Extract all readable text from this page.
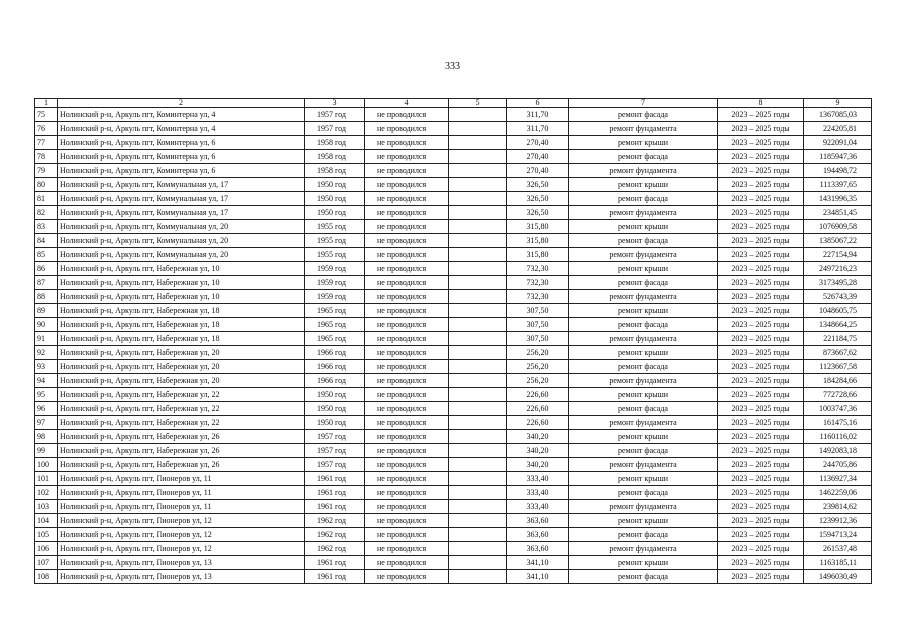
333
1	2	3	4	5	6	7	8	9
75	Нолинский р-н, Аркуль пгт, Коминтерна ул, 4	1957 год	не проводился		311,70	ремонт фасада	2023 – 2025 годы	1367085,03
76	Нолинский р-н, Аркуль пгт, Коминтерна ул, 4	1957 год	не проводился		311,70	ремонт фундамента	2023 – 2025 годы	224205,81
77	Нолинский р-н, Аркуль пгт, Коминтерна ул, 6	1958 год	не проводился		270,40	ремонт крыши	2023 – 2025 годы	922091,04
78	Нолинский р-н, Аркуль пгт, Коминтерна ул, 6	1958 год	не проводился		270,40	ремонт фасада	2023 – 2025 годы	1185947,36
79	Нолинский р-н, Аркуль пгт, Коминтерна ул, 6	1958 год	не проводился		270,40	ремонт фундамента	2023 – 2025 годы	194498,72
80	Нолинский р-н, Аркуль пгт, Коммунальная ул, 17	1950 год	не проводился		326,50	ремонт крыши	2023 – 2025 годы	1113397,65
81	Нолинский р-н, Аркуль пгт, Коммунальная ул, 17	1950 год	не проводился		326,50	ремонт фасада	2023 – 2025 годы	1431996,35
82	Нолинский р-н, Аркуль пгт, Коммунальная ул, 17	1950 год	не проводился		326,50	ремонт фундамента	2023 – 2025 годы	234851,45
83	Нолинский р-н, Аркуль пгт, Коммунальная ул, 20	1955 год	не проводился		315,80	ремонт крыши	2023 – 2025 годы	1076909,58
84	Нолинский р-н, Аркуль пгт, Коммунальная ул, 20	1955 год	не проводился		315,80	ремонт фасада	2023 – 2025 годы	1385067,22
85	Нолинский р-н, Аркуль пгт, Коммунальная ул, 20	1955 год	не проводился		315,80	ремонт фундамента	2023 – 2025 годы	227154,94
86	Нолинский р-н, Аркуль пгт, Набережная ул, 10	1959 год	не проводился		732,30	ремонт крыши	2023 – 2025 годы	2497216,23
87	Нолинский р-н, Аркуль пгт, Набережная ул, 10	1959 год	не проводился		732,30	ремонт фасада	2023 – 2025 годы	3173495,28
88	Нолинский р-н, Аркуль пгт, Набережная ул, 10	1959 год	не проводился		732,30	ремонт фундамента	2023 – 2025 годы	526743,39
89	Нолинский р-н, Аркуль пгт, Набережная ул, 18	1965 год	не проводился		307,50	ремонт крыши	2023 – 2025 годы	1048605,75
90	Нолинский р-н, Аркуль пгт, Набережная ул, 18	1965 год	не проводился		307,50	ремонт фасада	2023 – 2025 годы	1348664,25
91	Нолинский р-н, Аркуль пгт, Набережная ул, 18	1965 год	не проводился		307,50	ремонт фундамента	2023 – 2025 годы	221184,75
92	Нолинский р-н, Аркуль пгт, Набережная ул, 20	1966 год	не проводился		256,20	ремонт крыши	2023 – 2025 годы	873667,62
93	Нолинский р-н, Аркуль пгт, Набережная ул, 20	1966 год	не проводился		256,20	ремонт фасада	2023 – 2025 годы	1123667,58
94	Нолинский р-н, Аркуль пгт, Набережная ул, 20	1966 год	не проводился		256,20	ремонт фундамента	2023 – 2025 годы	184284,66
95	Нолинский р-н, Аркуль пгт, Набережная ул, 22	1950 год	не проводился		226,60	ремонт крыши	2023 – 2025 годы	772728,66
96	Нолинский р-н, Аркуль пгт, Набережная ул, 22	1950 год	не проводился		226,60	ремонт фасада	2023 – 2025 годы	1003747,36
97	Нолинский р-н, Аркуль пгт, Набережная ул, 22	1950 год	не проводился		226,60	ремонт фундамента	2023 – 2025 годы	161475,16
98	Нолинский р-н, Аркуль пгт, Набережная ул, 26	1957 год	не проводился		340,20	ремонт крыши	2023 – 2025 годы	1160116,02
99	Нолинский р-н, Аркуль пгт, Набережная ул, 26	1957 год	не проводился		340,20	ремонт фасада	2023 – 2025 годы	1492083,18
100	Нолинский р-н, Аркуль пгт, Набережная ул, 26	1957 год	не проводился		340,20	ремонт фундамента	2023 – 2025 годы	244705,86
101	Нолинский р-н, Аркуль пгт, Пионеров ул, 11	1961 год	не проводился		333,40	ремонт крыши	2023 – 2025 годы	1136927,34
102	Нолинский р-н, Аркуль пгт, Пионеров ул, 11	1961 год	не проводился		333,40	ремонт фасада	2023 – 2025 годы	1462259,06
103	Нолинский р-н, Аркуль пгт, Пионеров ул, 11	1961 год	не проводился		333,40	ремонт фундамента	2023 – 2025 годы	239814,62
104	Нолинский р-н, Аркуль пгт, Пионеров ул, 12	1962 год	не проводился		363,60	ремонт крыши	2023 – 2025 годы	1239912,36
105	Нолинский р-н, Аркуль пгт, Пионеров ул, 12	1962 год	не проводился		363,60	ремонт фасада	2023 – 2025 годы	1594713,24
106	Нолинский р-н, Аркуль пгт, Пионеров ул, 12	1962 год	не проводился		363,60	ремонт фундамента	2023 – 2025 годы	261537,48
107	Нолинский р-н, Аркуль пгт, Пионеров ул, 13	1961 год	не проводился		341,10	ремонт крыши	2023 – 2025 годы	1163185,11
108	Нолинский р-н, Аркуль пгт, Пионеров ул, 13	1961 год	не проводился		341,10	ремонт фасада	2023 – 2025 годы	1496030,49
